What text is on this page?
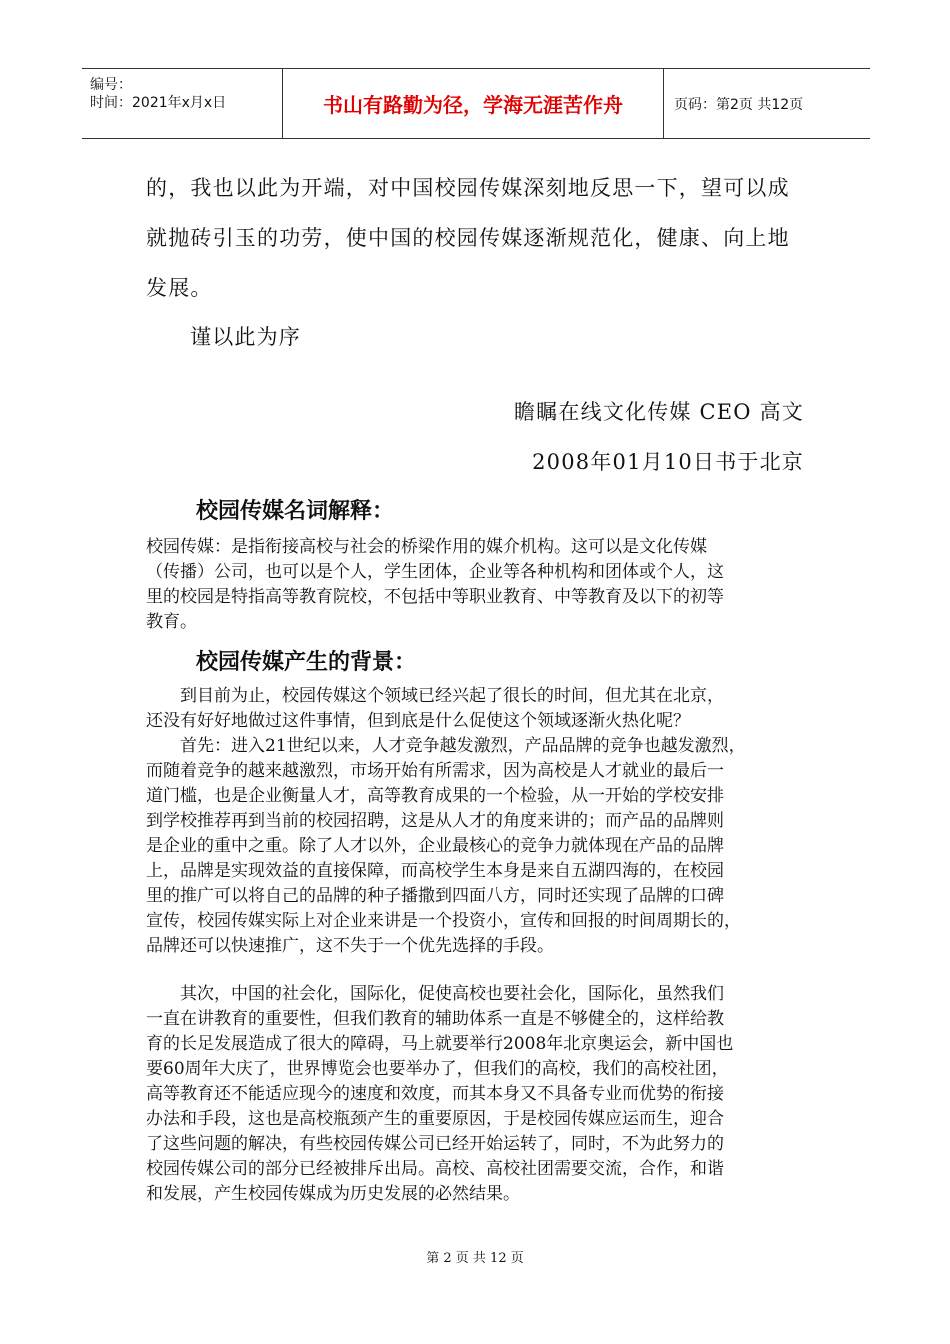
编号：
时间：2021年x月x日	书山有路勤为径，学海无涯苦作舟	页码：第2页 共12页

的，我也以此为开端，对中国校园传媒深刻地反思一下，望可以成

就抛砖引玉的功劳，使中国的校园传媒逐渐规范化，健康、向上地

发展。

谨以此为序

瞻瞩在线文化传媒 CEO 高文

2008年01月10日书于北京

校园传媒名词解释：

校园传媒：是指衔接高校与社会的桥梁作用的媒介机构。这可以是文化传媒
（传播）公司，也可以是个人，学生团体，企业等各种机构和团体或个人，这
里的校园是特指高等教育院校，不包括中等职业教育、中等教育及以下的初等
教育。

校园传媒产生的背景：

　　到目前为止，校园传媒这个领域已经兴起了很长的时间，但尤其在北京，
还没有好好地做过这件事情，但到底是什么促使这个领域逐渐火热化呢？
　　首先：进入21世纪以来，人才竞争越发激烈，产品品牌的竞争也越发激烈，
而随着竞争的越来越激烈，市场开始有所需求，因为高校是人才就业的最后一
道门槛，也是企业衡量人才，高等教育成果的一个检验，从一开始的学校安排
到学校推荐再到当前的校园招聘，这是从人才的角度来讲的；而产品的品牌则
是企业的重中之重。除了人才以外，企业最核心的竞争力就体现在产品的品牌
上，品牌是实现效益的直接保障，而高校学生本身是来自五湖四海的，在校园
里的推广可以将自己的品牌的种子播撒到四面八方，同时还实现了品牌的口碑
宣传，校园传媒实际上对企业来讲是一个投资小，宣传和回报的时间周期长的，
品牌还可以快速推广，这不失于一个优先选择的手段。
　　其次，中国的社会化，国际化，促使高校也要社会化，国际化，虽然我们
一直在讲教育的重要性，但我们教育的辅助体系一直是不够健全的，这样给教
育的长足发展造成了很大的障碍，马上就要举行2008年北京奥运会，新中国也
要60周年大庆了，世界博览会也要举办了，但我们的高校，我们的高校社团，
高等教育还不能适应现今的速度和效度，而其本身又不具备专业而优势的衔接
办法和手段，这也是高校瓶颈产生的重要原因，于是校园传媒应运而生，迎合
了这些问题的解决，有些校园传媒公司已经开始运转了，同时，不为此努力的
校园传媒公司的部分已经被排斥出局。高校、高校社团需要交流，合作，和谐
和发展，产生校园传媒成为历史发展的必然结果。
第 2 页 共 12 页
